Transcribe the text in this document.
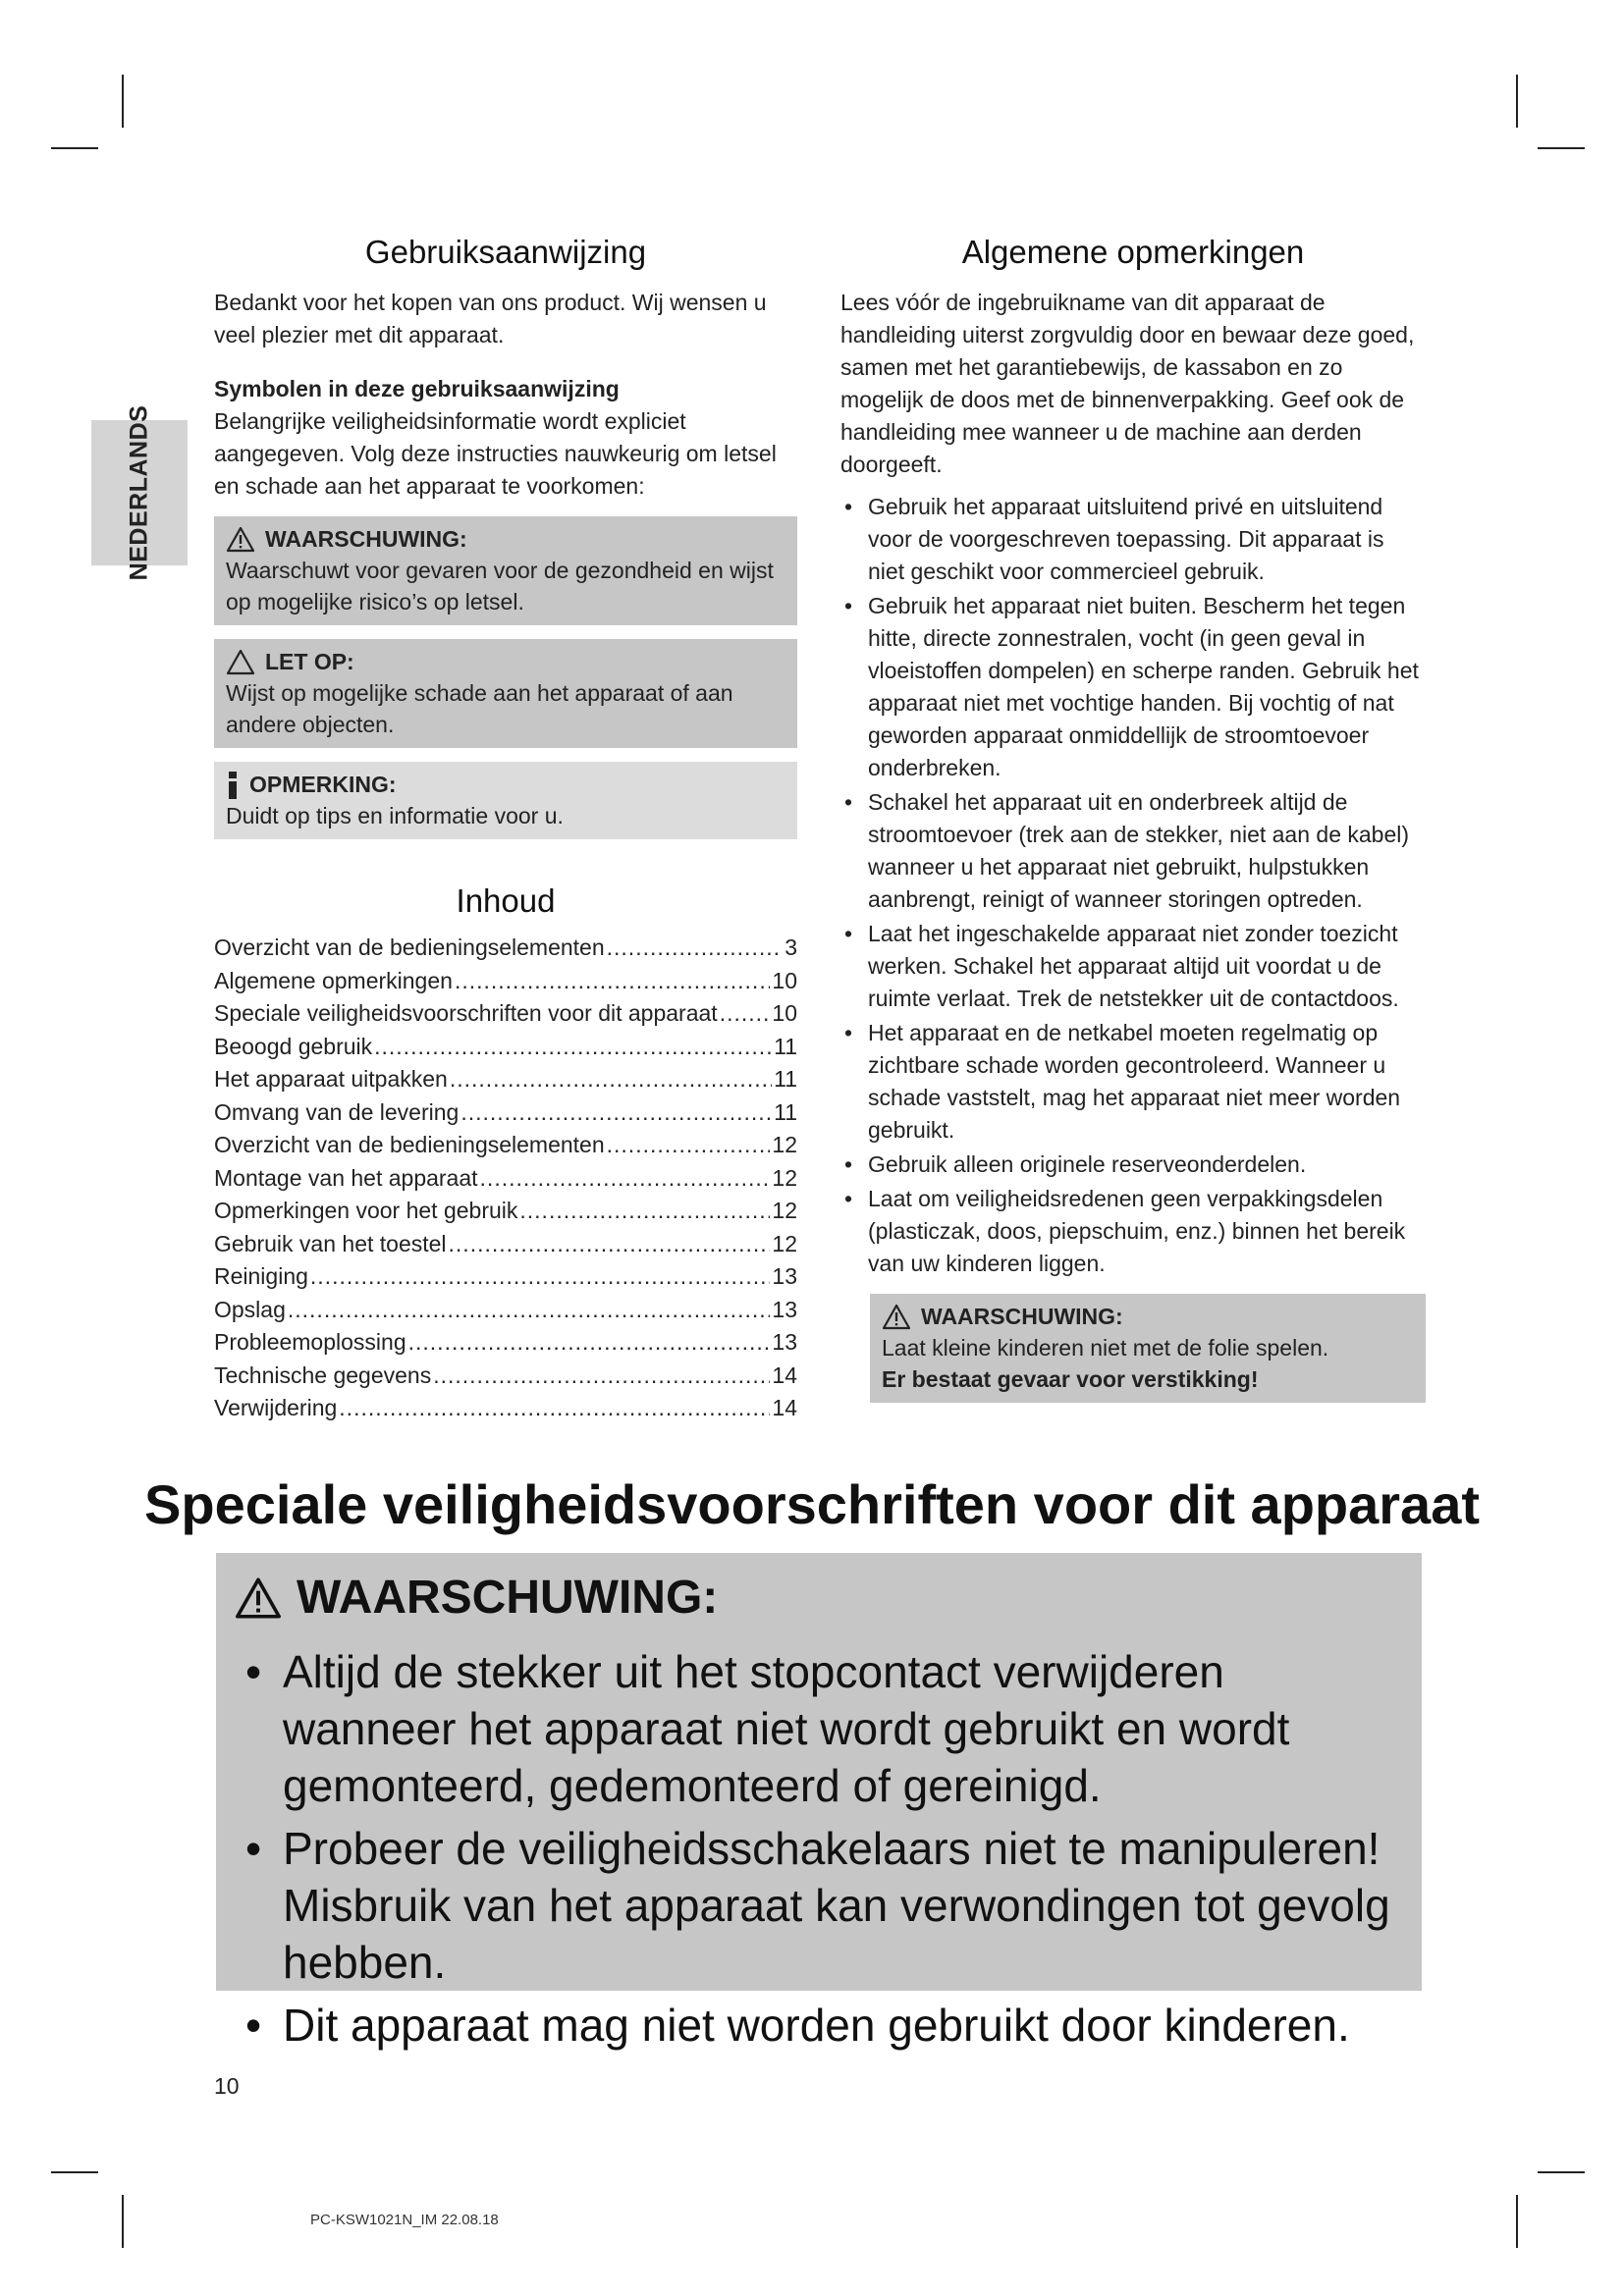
NEDERLANDS
Gebruiksaanwijzing

Bedankt voor het kopen van ons product. Wij wensen u veel plezier met dit apparaat.

Symbolen in deze gebruiksaanwijzing

Belangrijke veiligheidsinformatie wordt expliciet aangegeven. Volg deze instructies nauwkeurig om letsel en schade aan het apparaat te voorkomen:

WAARSCHUWING:
Waarschuwt voor gevaren voor de gezondheid en wijst op mogelijke risico’s op letsel.
LET OP:
Wijst op mogelijke schade aan het apparaat of aan andere objecten.
OPMERKING:
Duidt op tips en informatie voor u.
Inhoud
Overzicht van de bedieningselementen .....	3
Algemene opmerkingen .....	10
Speciale veiligheidsvoorschriften voor dit apparaat ..... 10
Beoogd gebruik .....	11
Het apparaat uitpakken .....	11
Omvang van de levering .....	11
Overzicht van de bedieningselementen .....	12
Montage van het apparaat .....	12
Opmerkingen voor het gebruik .....	12
Gebruik van het toestel .....	12
Reiniging .....	13
Opslag .....	13
Probleemoplossing .....	13
Technische gegevens .....	14
Verwijdering .....	14
Algemene opmerkingen

Lees vóór de ingebruikname van dit apparaat de handleiding uiterst zorgvuldig door en bewaar deze goed, samen met het garantiebewijs, de kassabon en zo mogelijk de doos met de binnenverpakking. Geef ook de handleiding mee wanneer u de machine aan derden doorgeeft.

• Gebruik het apparaat uitsluitend privé en uitsluitend voor de voorgeschreven toepassing. Dit apparaat is niet geschikt voor commercieel gebruik.
• Gebruik het apparaat niet buiten. Bescherm het tegen hitte, directe zonnestralen, vocht (in geen geval in vloeistoffen dompelen) en scherpe randen. Gebruik het apparaat niet met vochtige handen. Bij vochtig of nat geworden apparaat onmiddellijk de stroomtoevoer onderbreken.
• Schakel het apparaat uit en onderbreek altijd de stroomtoevoer (trek aan de stekker, niet aan de kabel) wanneer u het apparaat niet gebruikt, hulpstukken aanbrengt, reinigt of wanneer storingen optreden.
• Laat het ingeschakelde apparaat niet zonder toezicht werken. Schakel het apparaat altijd uit voordat u de ruimte verlaat. Trek de netstekker uit de contactdoos.
• Het apparaat en de netkabel moeten regelmatig op zichtbare schade worden gecontroleerd. Wanneer u schade vaststelt, mag het apparaat niet meer worden gebruikt.
• Gebruik alleen originele reserveonderdelen.
• Laat om veiligheidsredenen geen verpakkingsdelen (plasticzak, doos, piepschuim, enz.) binnen het bereik van uw kinderen liggen.
WAARSCHUWING:
Laat kleine kinderen niet met de folie spelen.
Er bestaat gevaar voor verstikking!
Speciale veiligheidsvoorschriften voor dit apparaat
WAARSCHUWING:
• Altijd de stekker uit het stopcontact verwijderen wanneer het apparaat niet wordt gebruikt en wordt gemonteerd, gedemonteerd of gereinigd.
• Probeer de veiligheidsschakelaars niet te manipuleren! Misbruik van het apparaat kan verwondingen tot gevolg hebben.
• Dit apparaat mag niet worden gebruikt door kinderen.
10
PC-KSW1021N_IM 22.08.18
